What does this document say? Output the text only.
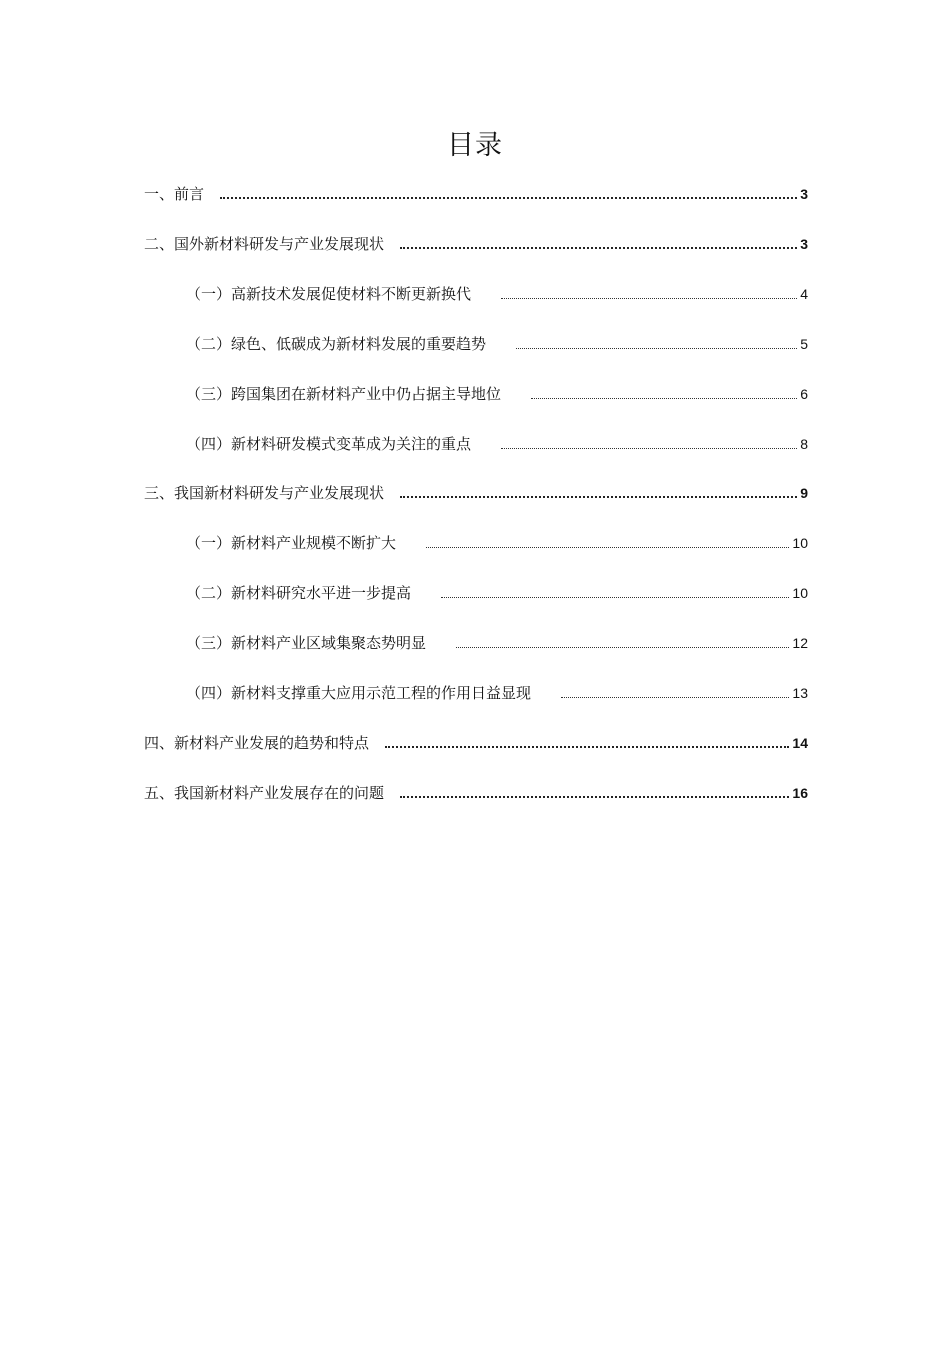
目录
一、前言	3
二、国外新材料研发与产业发展现状	3
（一）高新技术发展促使材料不断更新换代	4
（二）绿色、低碳成为新材料发展的重要趋势	5
（三）跨国集团在新材料产业中仍占据主导地位	6
（四）新材料研发模式变革成为关注的重点	8
三、我国新材料研发与产业发展现状	9
（一）新材料产业规模不断扩大	10
（二）新材料研究水平进一步提高	10
（三）新材料产业区域集聚态势明显	12
（四）新材料支撑重大应用示范工程的作用日益显现	13
四、新材料产业发展的趋势和特点	14
五、我国新材料产业发展存在的问题	16
